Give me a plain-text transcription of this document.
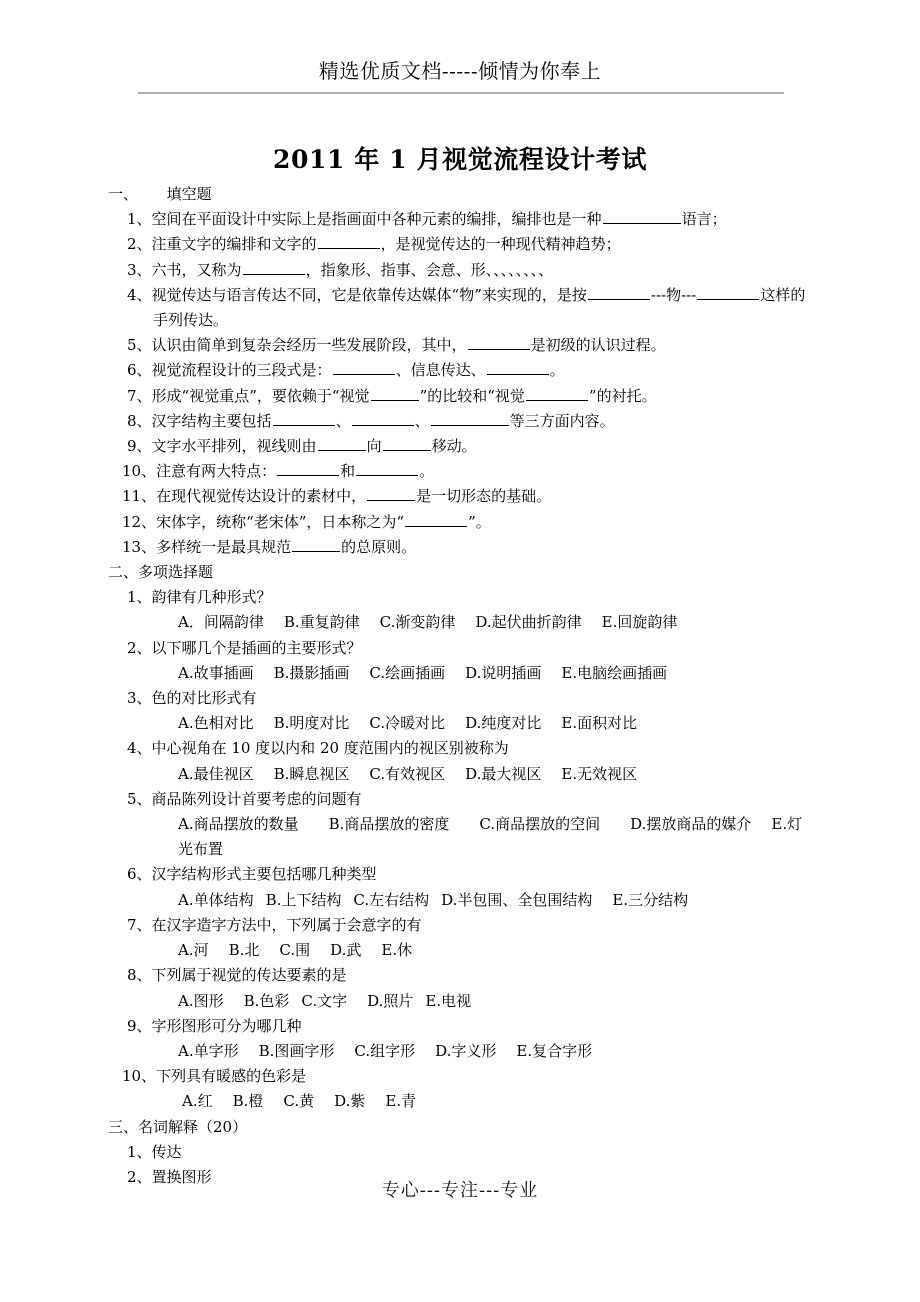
精选优质文档-----倾情为你奉上
2011 年 1 月视觉流程设计考试

一、      填空题

1、空间在平面设计中实际上是指画面中各种元素的编排，编排也是一种	语言；

2、注重文字的编排和文字的	，是视觉传达的一种现代精神趋势；

3、六书，又称为	，指象形、指事、会意、形、、、、、、、、

4、视觉传达与语言传达不同，它是依靠传达媒体“物”来实现的，是按	---物---	这样的手列传达。

5、认识由简单到复杂会经历一些发展阶段，其中，	是初级的认识过程。

6、视觉流程设计的三段式是：	、信息传达、	。

7、形成“视觉重点”，要依赖于“视觉	”的比较和“视觉	”的衬托。

8、汉字结构主要包括	、	、	等三方面内容。

9、文字水平排列，视线则由	向	移动。

10、注意有两大特点：	和	。

11、在现代视觉传达设计的素材中，	是一切形态的基础。

12、宋体字，统称“老宋体”，日本称之为“	”。

13、多样统一是最具规范	的总原则。

二、多项选择题

1、韵律有几种形式？

A．间隔韵律 B.重复韵律 C.渐变韵律 D.起伏曲折韵律 E.回旋韵律

2、以下哪几个是插画的主要形式？

A.故事插画 B.摄影插画 C.绘画插画 D.说明插画 E.电脑绘画插画

3、色的对比形式有

A.色相对比 B.明度对比 C.冷暖对比 D.纯度对比 E.面积对比

4、中心视角在 10 度以内和 20 度范围内的视区别被称为

A.最佳视区 B.瞬息视区 C.有效视区 D.最大视区 E.无效视区

5、商品陈列设计首要考虑的问题有

A.商品摆放的数量 B.商品摆放的密度 C.商品摆放的空间 D.摆放商品的媒介 E.灯光布置

6、汉字结构形式主要包括哪几种类型

A.单体结构 B.上下结构 C.左右结构 D.半包围、全包围结构 E.三分结构

7、在汉字造字方法中，下列属于会意字的有

A.河 B.北 C.围 D.武 E.休

8、下列属于视觉的传达要素的是

A.图形 B.色彩 C.文字 D.照片 E.电视

9、字形图形可分为哪几种

A.单字形 B.图画字形 C.组字形 D.字义形 E.复合字形

10、下列具有暖感的色彩是

A.红 B.橙 C.黄 D.紫 E.青

三、名词解释（20）

1、传达

2、置换图形

专心---专注---专业
